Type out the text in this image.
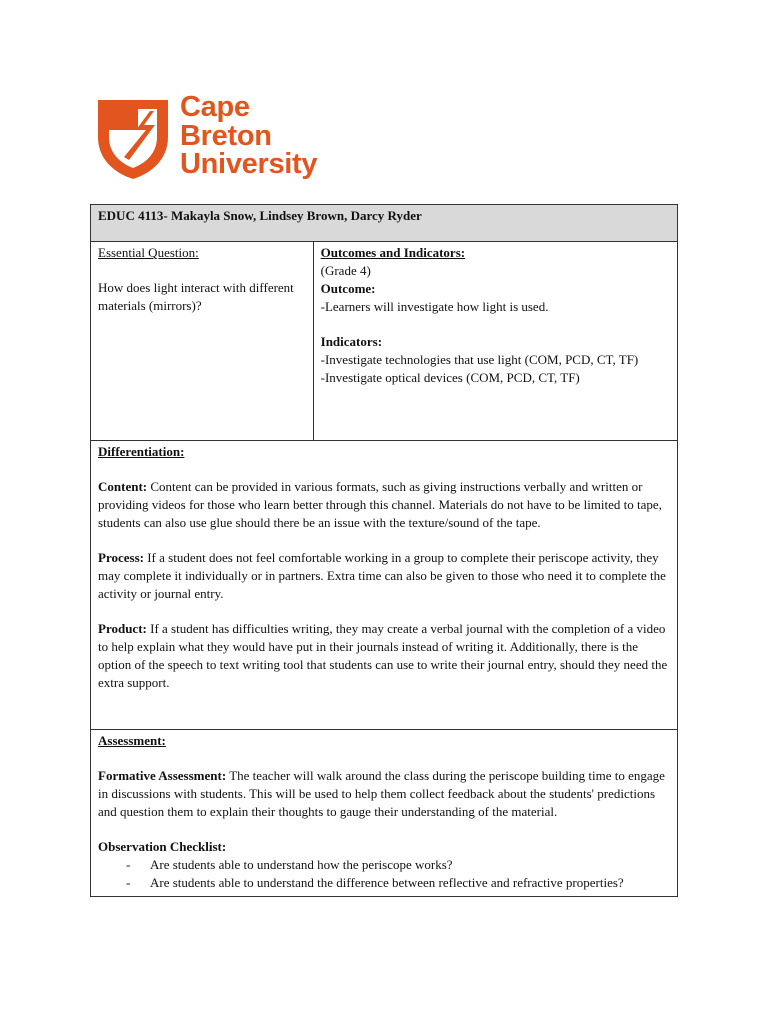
Cape
Breton
University
EDUC 4113- Makayla Snow, Lindsey Brown, Darcy Ryder

Essential Question:

How does light interact with different materials (mirrors)?

Outcomes and Indicators:

(Grade 4)

Outcome:

-Learners will investigate how light is used.

Indicators:

-Investigate technologies that use light (COM, PCD, CT, TF)

-Investigate optical devices (COM, PCD, CT, TF)

Differentiation:

Content: Content can be provided in various formats, such as giving instructions verbally and written or providing videos for those who learn better through this channel. Materials do not have to be limited to tape, students can also use glue should there be an issue with the texture/sound of the tape.

Process: If a student does not feel comfortable working in a group to complete their periscope activity, they may complete it individually or in partners. Extra time can also be given to those who need it to complete the activity or journal entry.

Product: If a student has difficulties writing, they may create a verbal journal with the completion of a video to help explain what they would have put in their journals instead of writing it. Additionally, there is the option of the speech to text writing tool that students can use to write their journal entry, should they need the extra support.

Assessment:

Formative Assessment: The teacher will walk around the class during the periscope building time to engage in discussions with students. This will be used to help them collect feedback about the students' predictions and question them to explain their thoughts to gauge their understanding of the material.

Observation Checklist:

- Are students able to understand how the periscope works?
- Are students able to understand the difference between reflective and refractive properties?
